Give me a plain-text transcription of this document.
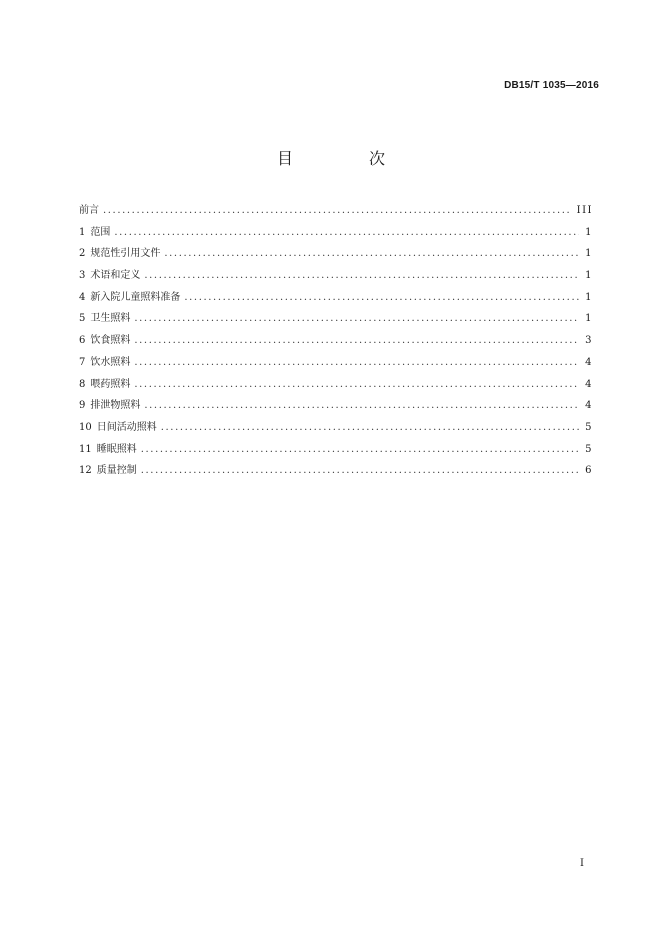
DB15/T 1035—2016
目　次
前言 .....	III
1 范围 .....	1
2 规范性引用文件 .....	1
3 术语和定义 .....	1
4 新入院儿童照料准备 .....	1
5 卫生照料 .....	1
6 饮食照料 .....	3
7 饮水照料 .....	4
8 喂药照料 .....	4
9 排泄物照料 .....	4
10 日间活动照料 .....	5
11 睡眠照料 .....	5
12 质量控制 .....	6
I
